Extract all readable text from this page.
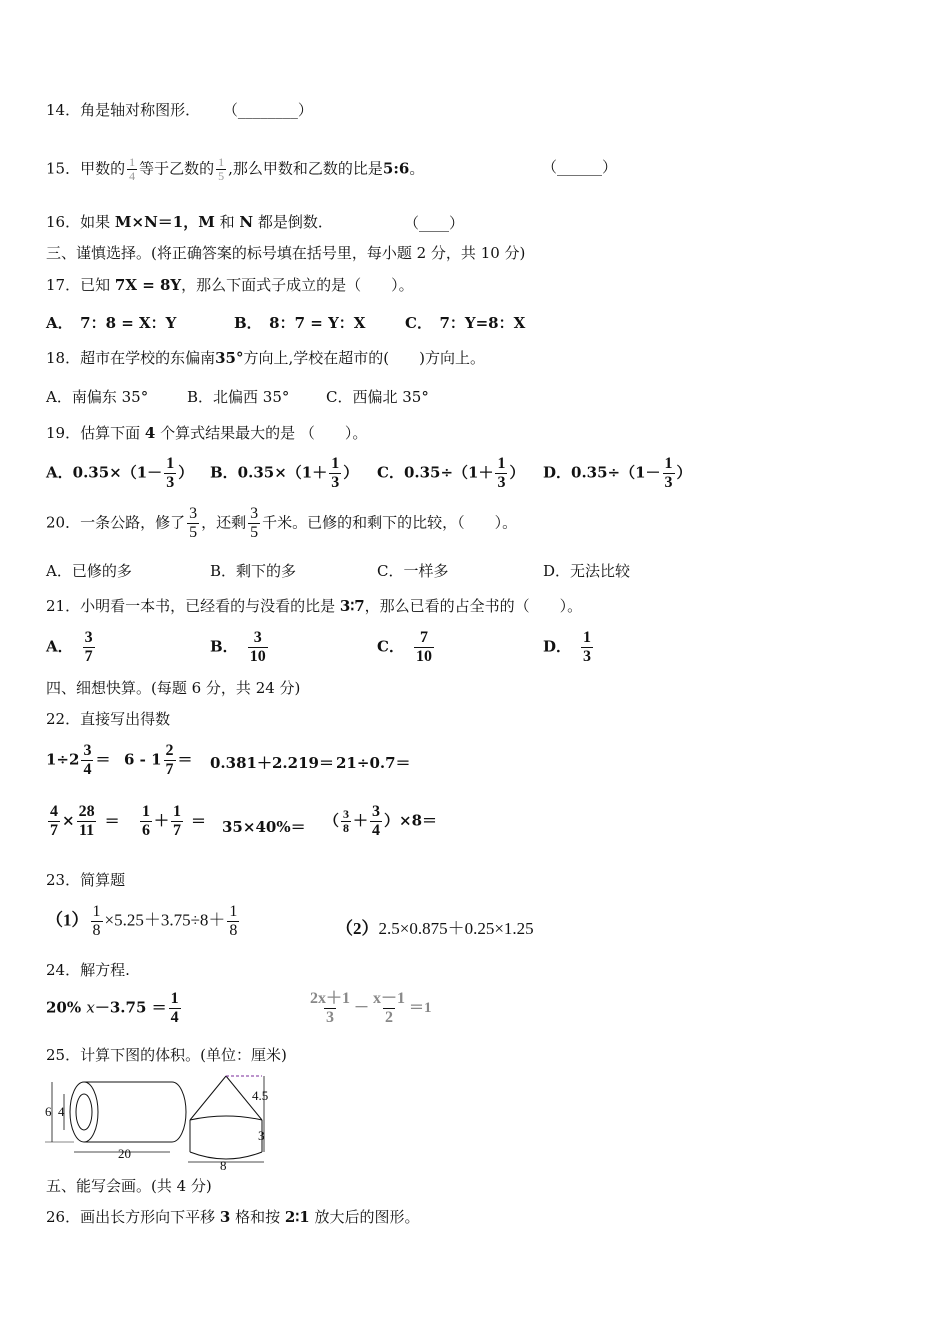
14．角是轴对称图形． （________）
15．甲数的 $\frac{1}{4}$ 等于乙数的 $\frac{1}{5}$ ,那么甲数和乙数的比是5:6。	（______）
16．如果 M×N＝1，M 和 N 都是倒数．	（____）
三、谨慎选择。(将正确答案的标号填在括号里，每小题 2 分，共 10 分)
17．已知 7X = 8Y，那么下面式子成立的是（　　）。
A．　7：8 = X：Y	B．　8：7 = Y：X	C．　7：Y=8：X
18．超市在学校的东偏南35°方向上,学校在超市的(　　)方向上。
A．南偏东 35°	B．北偏西 35° C．西偏北 35°
19．估算下面 4 个算式结果最大的是 （　　）。
A．$0.35\times(1- \frac{1}{3}$ ） B．$0.35\times(1+ \frac{1}{3}$ ） C．$0.35\div(1+ \frac{1}{3}$ ） D．$0.35\div(1- \frac{1}{3}$ ）
20．一条公路，修了 $\frac{3}{5}$ ，还剩 $\frac{3}{5}$ 千米。已修的和剩下的比较，（　　）。
A．已修的多	B．剩下的多	C．一样多	D．无法比较
21．小明看一本书，已经看的与没看的比是 3∶7，那么已看的占全书的（　　）。
A． $\frac{3}{7}$	B． $\frac{3}{10}$	C． $\frac{7}{10}$	D． $\frac{1}{3}$
四、细想快算。(每题 6 分，共 24 分)
22．直接写出得数
$1\div 2 \frac{3}{4} = 6 - 1 \frac{2}{7} = 0.381+2.219= 21\div 0.7=$
$\frac{4}{7} \times \frac{28}{11} = \frac{1}{6} + \frac{1}{7} = 35\times 40\%=$ （ $\frac{3}{8} + \frac{3}{4} )\times 8=$
23．简算题
$(1) \frac{1}{8} \times 5.25+3.75\div 8+ \frac{1}{8}$	（2）2.5×0.875＋0.25×1.25
24．解方程.
20% $x-3.75 = \frac{1}{4}$	$\frac{2x+1}{3} - \frac{x-1}{2} =1$
25．计算下图的体积。(单位：厘米)
6 4
20
4.5
3
8
五、能写会画。(共 4 分)
26．画出长方形向下平移 3 格和按 2∶1 放大后的图形。
